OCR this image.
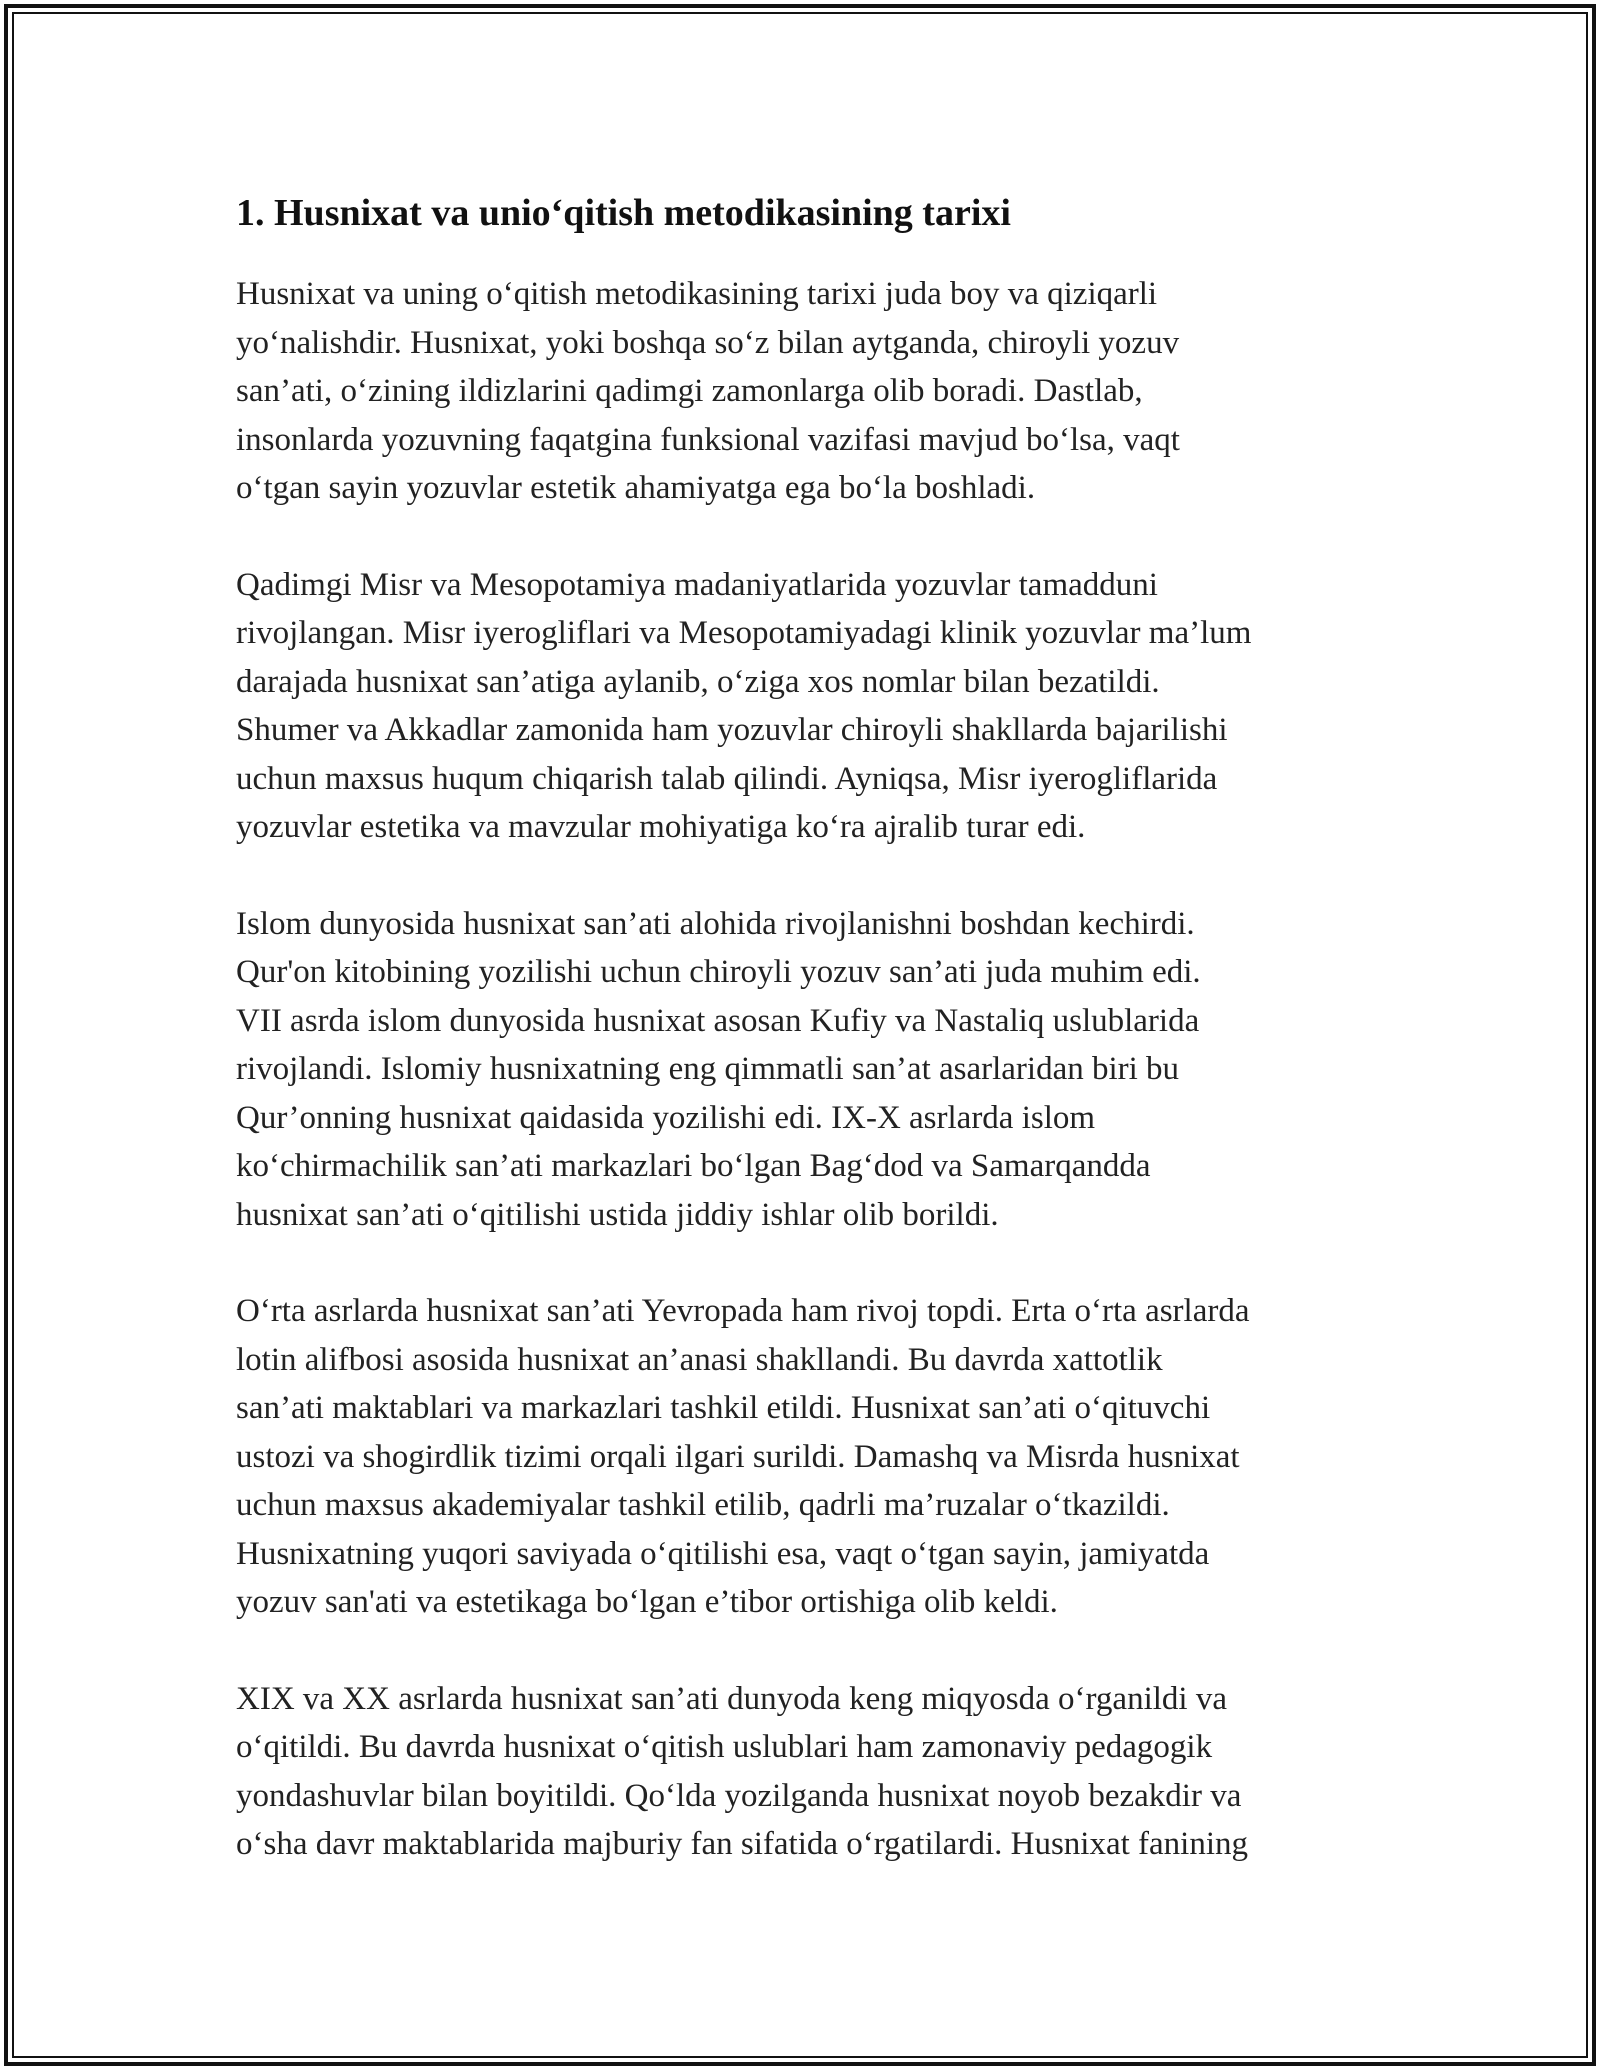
1. Husnixat va unio‘qitish metodikasining tarixi

Husnixat va uning o‘qitish metodikasining tarixi juda boy va qiziqarli
yo‘nalishdir. Husnixat, yoki boshqa so‘z bilan aytganda, chiroyli yozuv
san’ati, o‘zining ildizlarini qadimgi zamonlarga olib boradi. Dastlab,
insonlarda yozuvning faqatgina funksional vazifasi mavjud bo‘lsa, vaqt
o‘tgan sayin yozuvlar estetik ahamiyatga ega bo‘la boshladi.

Qadimgi Misr va Mesopotamiya madaniyatlarida yozuvlar tamadduni
rivojlangan. Misr iyerogliflari va Mesopotamiyadagi klinik yozuvlar ma’lum
darajada husnixat san’atiga aylanib, o‘ziga xos nomlar bilan bezatildi.
Shumer va Akkadlar zamonida ham yozuvlar chiroyli shakllarda bajarilishi
uchun maxsus huqum chiqarish talab qilindi. Ayniqsa, Misr iyerogliflarida
yozuvlar estetika va mavzular mohiyatiga ko‘ra ajralib turar edi.

Islom dunyosida husnixat san’ati alohida rivojlanishni boshdan kechirdi.
Qur'on kitobining yozilishi uchun chiroyli yozuv san’ati juda muhim edi.
VII asrda islom dunyosida husnixat asosan Kufiy va Nastaliq uslublarida
rivojlandi. Islomiy husnixatning eng qimmatli san’at asarlaridan biri bu
Qur’onning husnixat qaidasida yozilishi edi. IX-X asrlarda islom
ko‘chirmachilik san’ati markazlari bo‘lgan Bag‘dod va Samarqandda
husnixat san’ati o‘qitilishi ustida jiddiy ishlar olib borildi.

O‘rta asrlarda husnixat san’ati Yevropada ham rivoj topdi. Erta o‘rta asrlarda
lotin alifbosi asosida husnixat an’anasi shakllandi. Bu davrda xattotlik
san’ati maktablari va markazlari tashkil etildi. Husnixat san’ati o‘qituvchi
ustozi va shogirdlik tizimi orqali ilgari surildi. Damashq va Misrda husnixat
uchun maxsus akademiyalar tashkil etilib, qadrli ma’ruzalar o‘tkazildi.
Husnixatning yuqori saviyada o‘qitilishi esa, vaqt o‘tgan sayin, jamiyatda
yozuv san'ati va estetikaga bo‘lgan e’tibor ortishiga olib keldi.

XIX va XX asrlarda husnixat san’ati dunyoda keng miqyosda o‘rganildi va
o‘qitildi. Bu davrda husnixat o‘qitish uslublari ham zamonaviy pedagogik
yondashuvlar bilan boyitildi. Qo‘lda yozilganda husnixat noyob bezakdir va
o‘sha davr maktablarida majburiy fan sifatida o‘rgatilardi. Husnixat fanining
